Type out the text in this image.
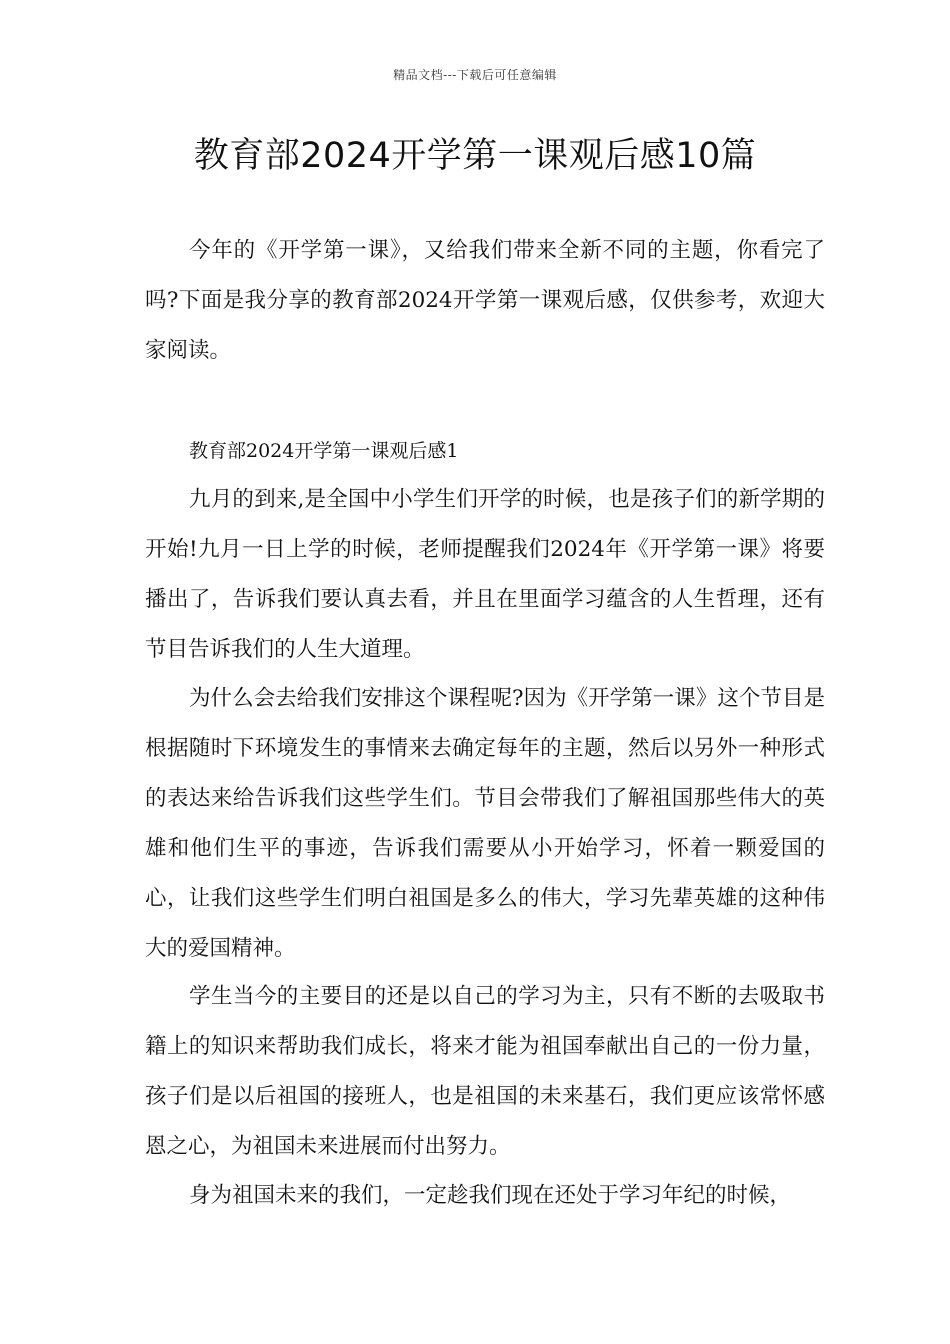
精品文档---下载后可任意编辑
教育部2024开学第一课观后感10篇

今年的《开学第一课》，又给我们带来全新不同的主题，你看完了吗?下面是我分享的教育部2024开学第一课观后感，仅供参考，欢迎大家阅读。

教育部2024开学第一课观后感1

九月的到来,是全国中小学生们开学的时候，也是孩子们的新学期的开始!九月一日上学的时候，老师提醒我们2024年《开学第一课》将要播出了，告诉我们要认真去看，并且在里面学习蕴含的人生哲理，还有节目告诉我们的人生大道理。

为什么会去给我们安排这个课程呢?因为《开学第一课》这个节目是根据随时下环境发生的事情来去确定每年的主题，然后以另外一种形式的表达来给告诉我们这些学生们。节目会带我们了解祖国那些伟大的英雄和他们生平的事迹，告诉我们需要从小开始学习，怀着一颗爱国的心，让我们这些学生们明白祖国是多么的伟大，学习先辈英雄的这种伟大的爱国精神。

学生当今的主要目的还是以自己的学习为主，只有不断的去吸取书籍上的知识来帮助我们成长，将来才能为祖国奉献出自己的一份力量，孩子们是以后祖国的接班人，也是祖国的未来基石，我们更应该常怀感恩之心，为祖国未来进展而付出努力。

身为祖国未来的我们，一定趁我们现在还处于学习年纪的时候，
